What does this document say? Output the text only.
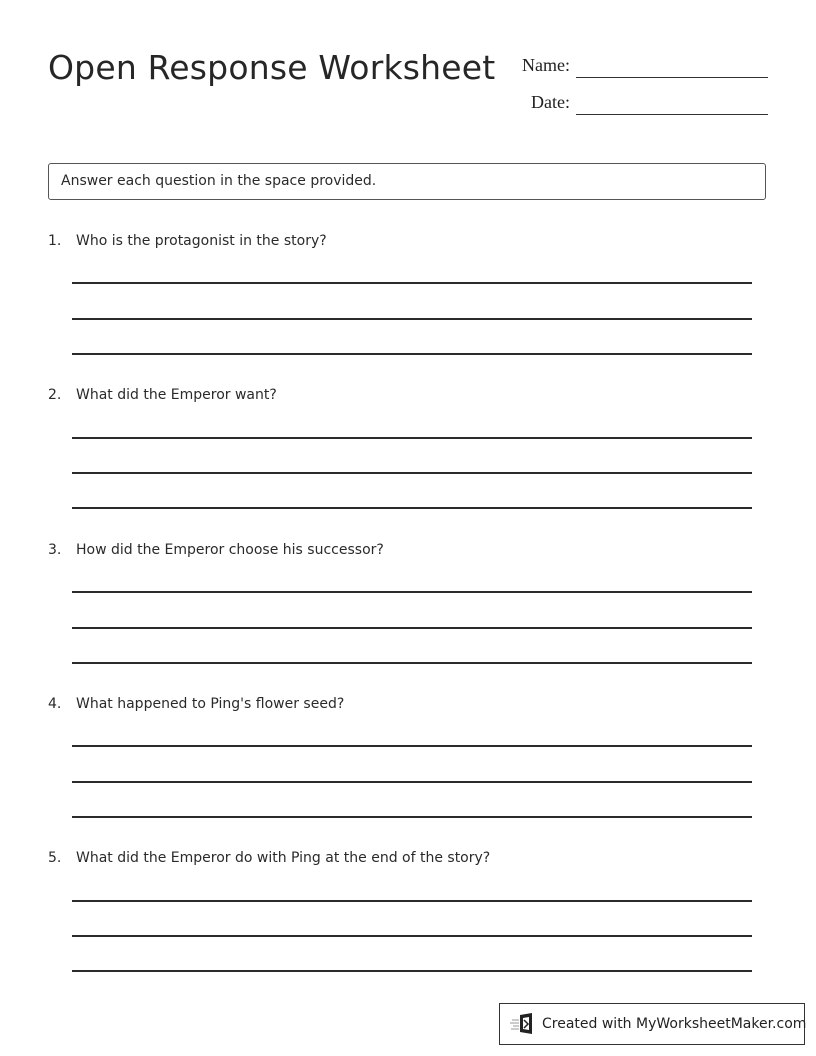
Open Response Worksheet Name:
Date:
Answer each question in the space provided.
1. Who is the protagonist in the story?
2. What did the Emperor want?
3. How did the Emperor choose his successor?
4. What happened to Ping's flower seed?
5. What did the Emperor do with Ping at the end of the story?
Created with MyWorksheetMaker.com
